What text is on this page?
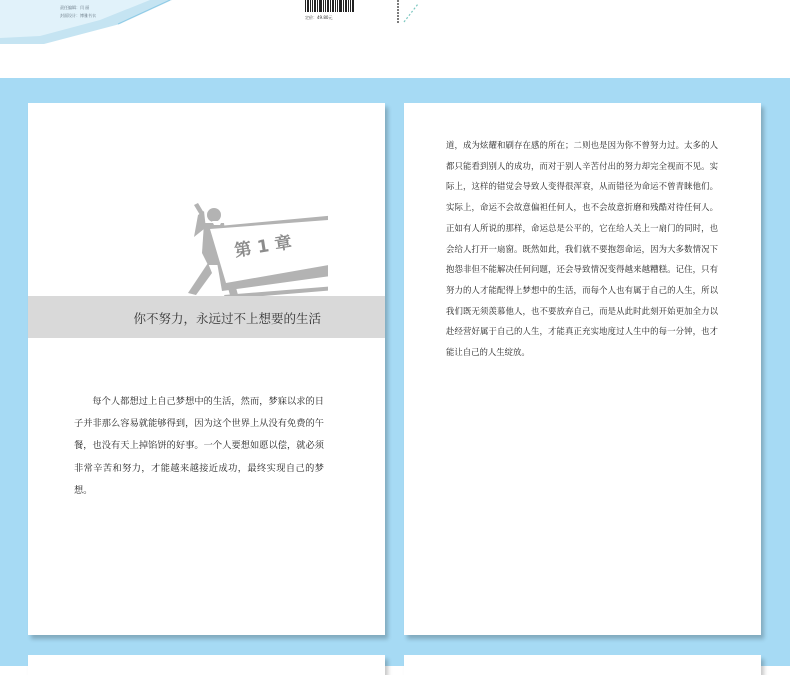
责任编辑：闫 丽
封面设计：博雅书衣	定价：49.80元
第 1 章
你不努力，永远过不上想要的生活

每个人都想过上自己梦想中的生活，然而，梦寐以求的日子并非那么容易就能够得到，因为这个世界上从没有免费的午餐，也没有天上掉馅饼的好事。一个人要想如愿以偿，就必须非常辛苦和努力，才能越来越接近成功，最终实现自己的梦想。

道，成为炫耀和刷存在感的所在；二则也是因为你不曾努力过。太多的人都只能看到别人的成功，而对于别人辛苦付出的努力却完全视而不见。实际上，这样的错觉会导致人变得很浑衰，从而错径为命运不曾青睐他们。实际上，命运不会故意偏袒任何人，也不会故意折磨和残酷对待任何人。正如有人所说的那样，命运总是公平的，它在给人关上一扇门的同时，也会给人打开一扇窗。既然如此，我们就不要抱怨命运，因为大多数情况下抱怨非但不能解决任何问题，还会导致情况变得越来越糟糕。记住，只有努力的人才能配得上梦想中的生活，而每个人也有属于自己的人生，所以我们既无须羡慕他人，也不要放弃自己，而是从此时此刻开始更加全力以赴经营好属于自己的人生，才能真正充实地度过人生中的每一分钟，也才能让自己的人生绽放。
